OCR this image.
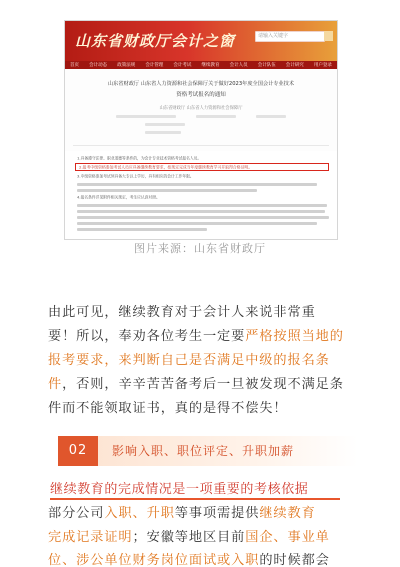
山东省财政厅会计之窗	请输入关键字
首页 会计动态 政策法规 会计管理 会计考试 继续教育 会计人员 会计队伍 会计研究 用户登录
山东省财政厅 山东省人力资源和社会保障厅关于做好2023年度全国会计专业技术
资格考试报名的通知
山东省财政厅 山东省人力资源和社会保障厅
1.具备遵守法律、职业道德等条件的，为会计专业技术资格考试报名人员。
2.报考中级资格参加考试人员应具备继续教育要求，按规定完成当年度继续教育学习并取得合格证明。
3.中级资格参加考试须具备大专以上学历，具有相应的会计工作年限。
4.报名条件详见附件相关规定，考生应认真对照。
图片来源：山东省财政厅
由此可见，继续教育对于会计人来说非常重
要！所以，奉劝各位考生一定要严格按照当地的
报考要求，来判断自己是否满足中级的报名条
件，否则，辛辛苦苦备考后一旦被发现不满足条
件而不能领取证书，真的是得不偿失！
02	影响入职、职位评定、升职加薪
继续教育的完成情况是一项重要的考核依据
部分公司入职、升职等事项需提供继续教育
完成记录证明；安徽等地区目前国企、事业单
位、涉公单位财务岗位面试或入职的时候都会
